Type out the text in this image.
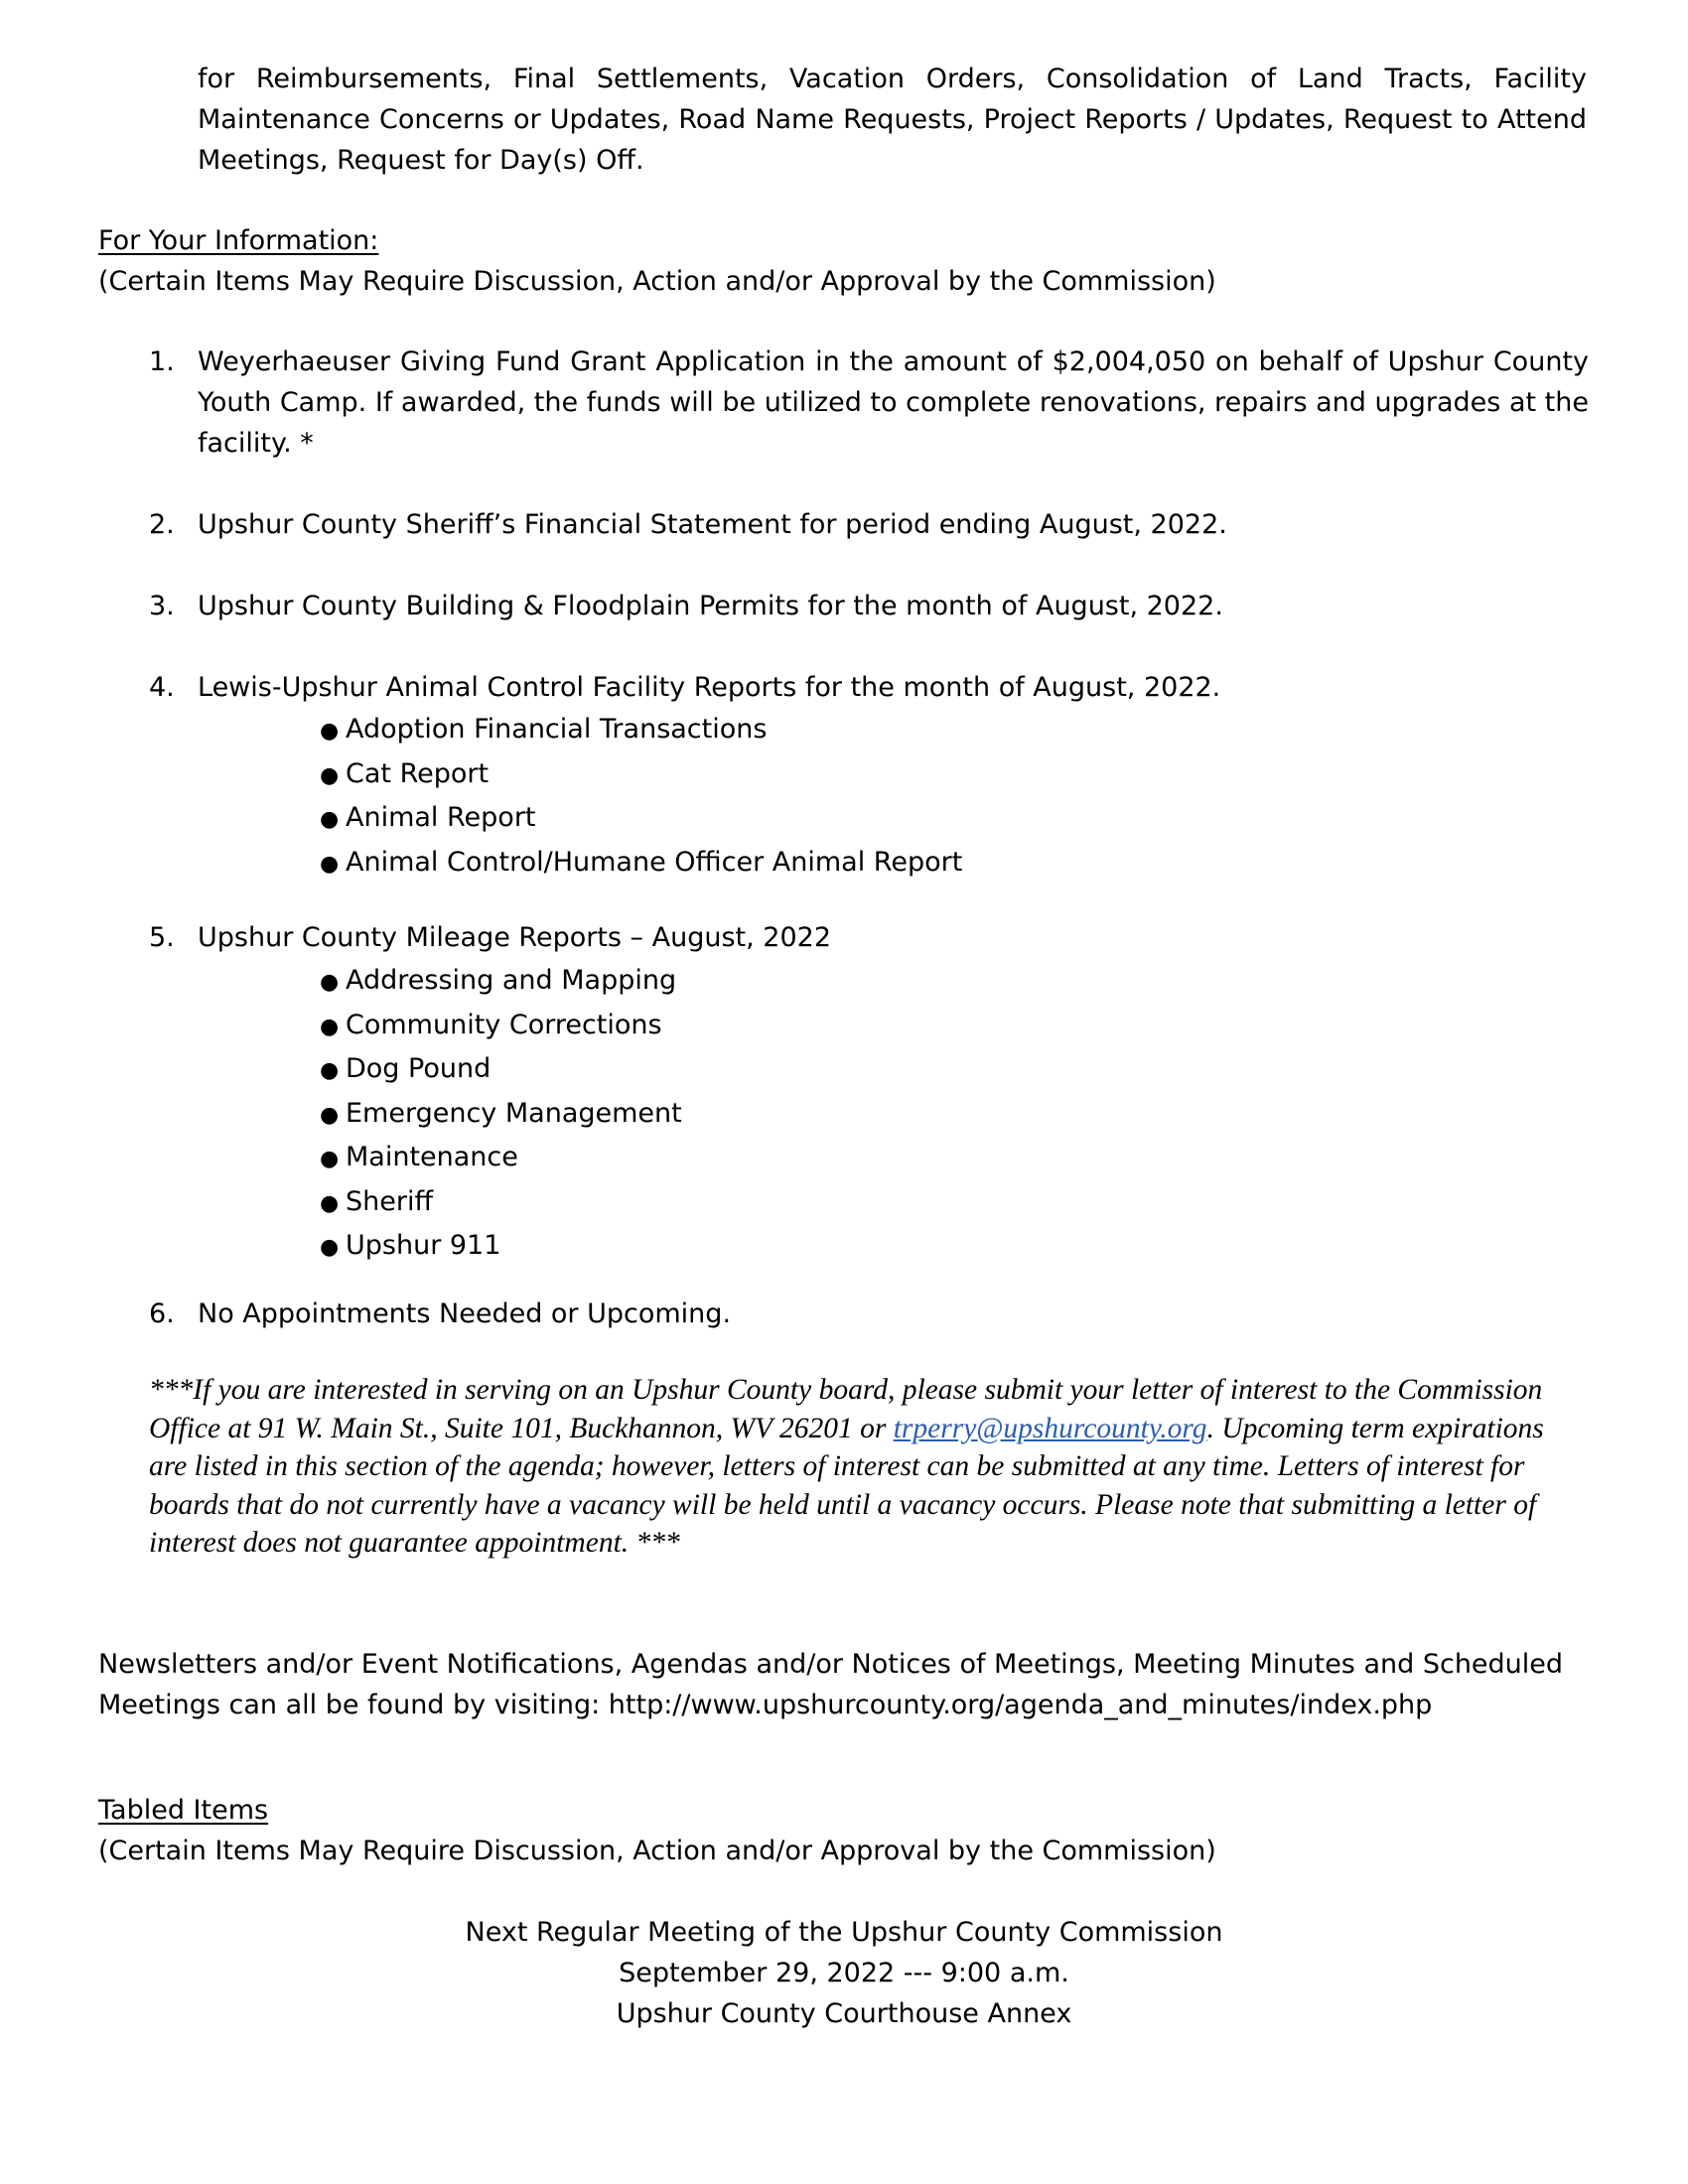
for Reimbursements, Final Settlements, Vacation Orders, Consolidation of Land Tracts, Facility Maintenance Concerns or Updates, Road Name Requests, Project Reports / Updates, Request to Attend Meetings, Request for Day(s) Off.
For Your Information:
(Certain Items May Require Discussion, Action and/or Approval by the Commission)
1. Weyerhaeuser Giving Fund Grant Application in the amount of $2,004,050 on behalf of Upshur County Youth Camp. If awarded, the funds will be utilized to complete renovations, repairs and upgrades at the facility. *
2. Upshur County Sheriff’s Financial Statement for period ending August, 2022.
3. Upshur County Building & Floodplain Permits for the month of August, 2022.
4. Lewis-Upshur Animal Control Facility Reports for the month of August, 2022.
● Adoption Financial Transactions
● Cat Report
● Animal Report
● Animal Control/Humane Officer Animal Report
5. Upshur County Mileage Reports – August, 2022
● Addressing and Mapping
● Community Corrections
● Dog Pound
● Emergency Management
● Maintenance
● Sheriff
● Upshur 911
6. No Appointments Needed or Upcoming.
***If you are interested in serving on an Upshur County board, please submit your letter of interest to the Commission Office at 91 W. Main St., Suite 101, Buckhannon, WV 26201 or trperry@upshurcounty.org. Upcoming term expirations are listed in this section of the agenda; however, letters of interest can be submitted at any time. Letters of interest for boards that do not currently have a vacancy will be held until a vacancy occurs. Please note that submitting a letter of interest does not guarantee appointment. ***
Newsletters and/or Event Notifications, Agendas and/or Notices of Meetings, Meeting Minutes and Scheduled Meetings can all be found by visiting: http://www.upshurcounty.org/agenda_and_minutes/index.php
Tabled Items
(Certain Items May Require Discussion, Action and/or Approval by the Commission)
Next Regular Meeting of the Upshur County Commission
September 29, 2022 --- 9:00 a.m.
Upshur County Courthouse Annex
